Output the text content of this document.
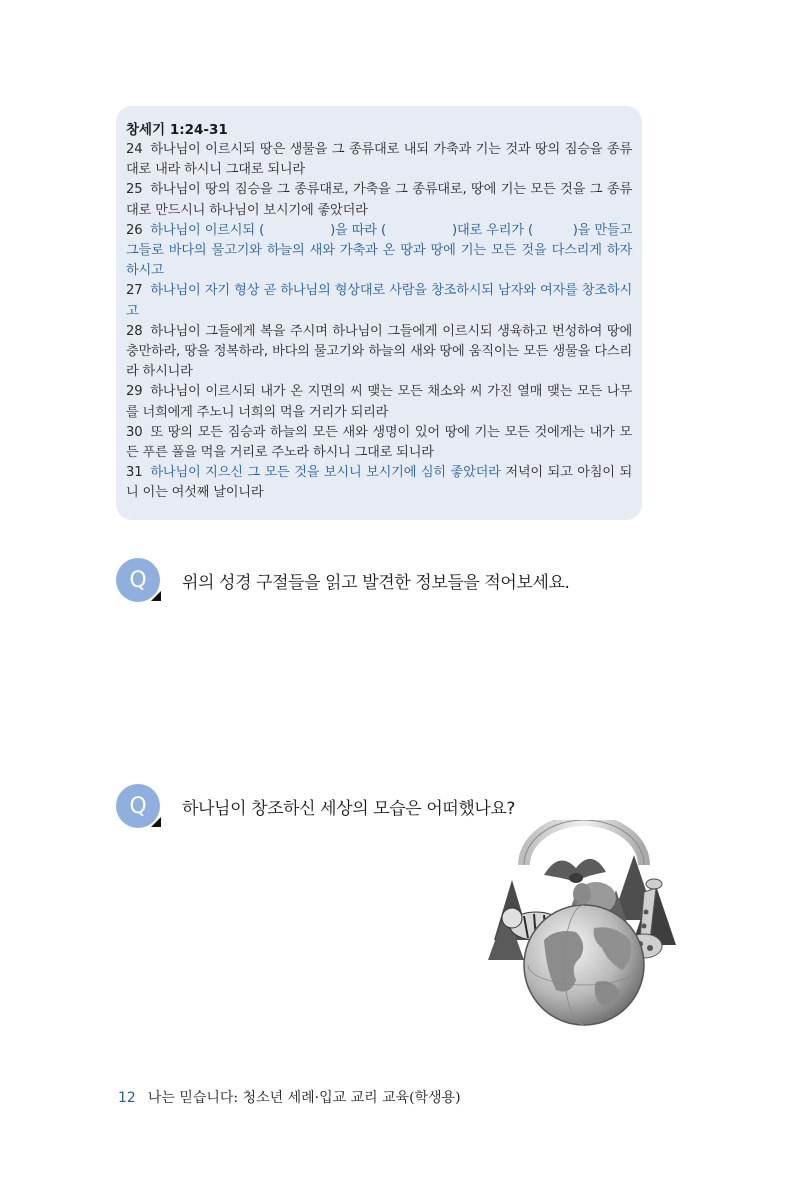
창세기 1:24-31
24 하나님이 이르시되 땅은 생물을 그 종류대로 내되 가축과 기는 것과 땅의 짐승을 종류대로 내라 하시니 그대로 되니라
25 하나님이 땅의 짐승을 그 종류대로, 가축을 그 종류대로, 땅에 기는 모든 것을 그 종류대로 만드시니 하나님이 보시기에 좋았더라
26 하나님이 이르시되 (　　　　　)을 따라 (　　　　　)대로 우리가 (　　　)을 만들고 그들로 바다의 물고기와 하늘의 새와 가축과 온 땅과 땅에 기는 모든 것을 다스리게 하자 하시고
27 하나님이 자기 형상 곧 하나님의 형상대로 사람을 창조하시되 남자와 여자를 창조하시고
28 하나님이 그들에게 복을 주시며 하나님이 그들에게 이르시되 생육하고 번성하여 땅에 충만하라, 땅을 정복하라, 바다의 물고기와 하늘의 새와 땅에 움직이는 모든 생물을 다스리라 하시니라
29 하나님이 이르시되 내가 온 지면의 씨 맺는 모든 채소와 씨 가진 열매 맺는 모든 나무를 너희에게 주노니 너희의 먹을 거리가 되리라
30 또 땅의 모든 짐승과 하늘의 모든 새와 생명이 있어 땅에 기는 모든 것에게는 내가 모든 푸른 풀을 먹을 거리로 주노라 하시니 그대로 되니라
31 하나님이 지으신 그 모든 것을 보시니 보시기에 심히 좋았더라 저녁이 되고 아침이 되니 이는 여섯째 날이니라
Q 위의 성경 구절들을 읽고 발견한 정보들을 적어보세요.
Q 하나님이 창조하신 세상의 모습은 어떠했나요?
12 나는 믿습니다: 청소년 세례·입교 교리 교육(학생용)
